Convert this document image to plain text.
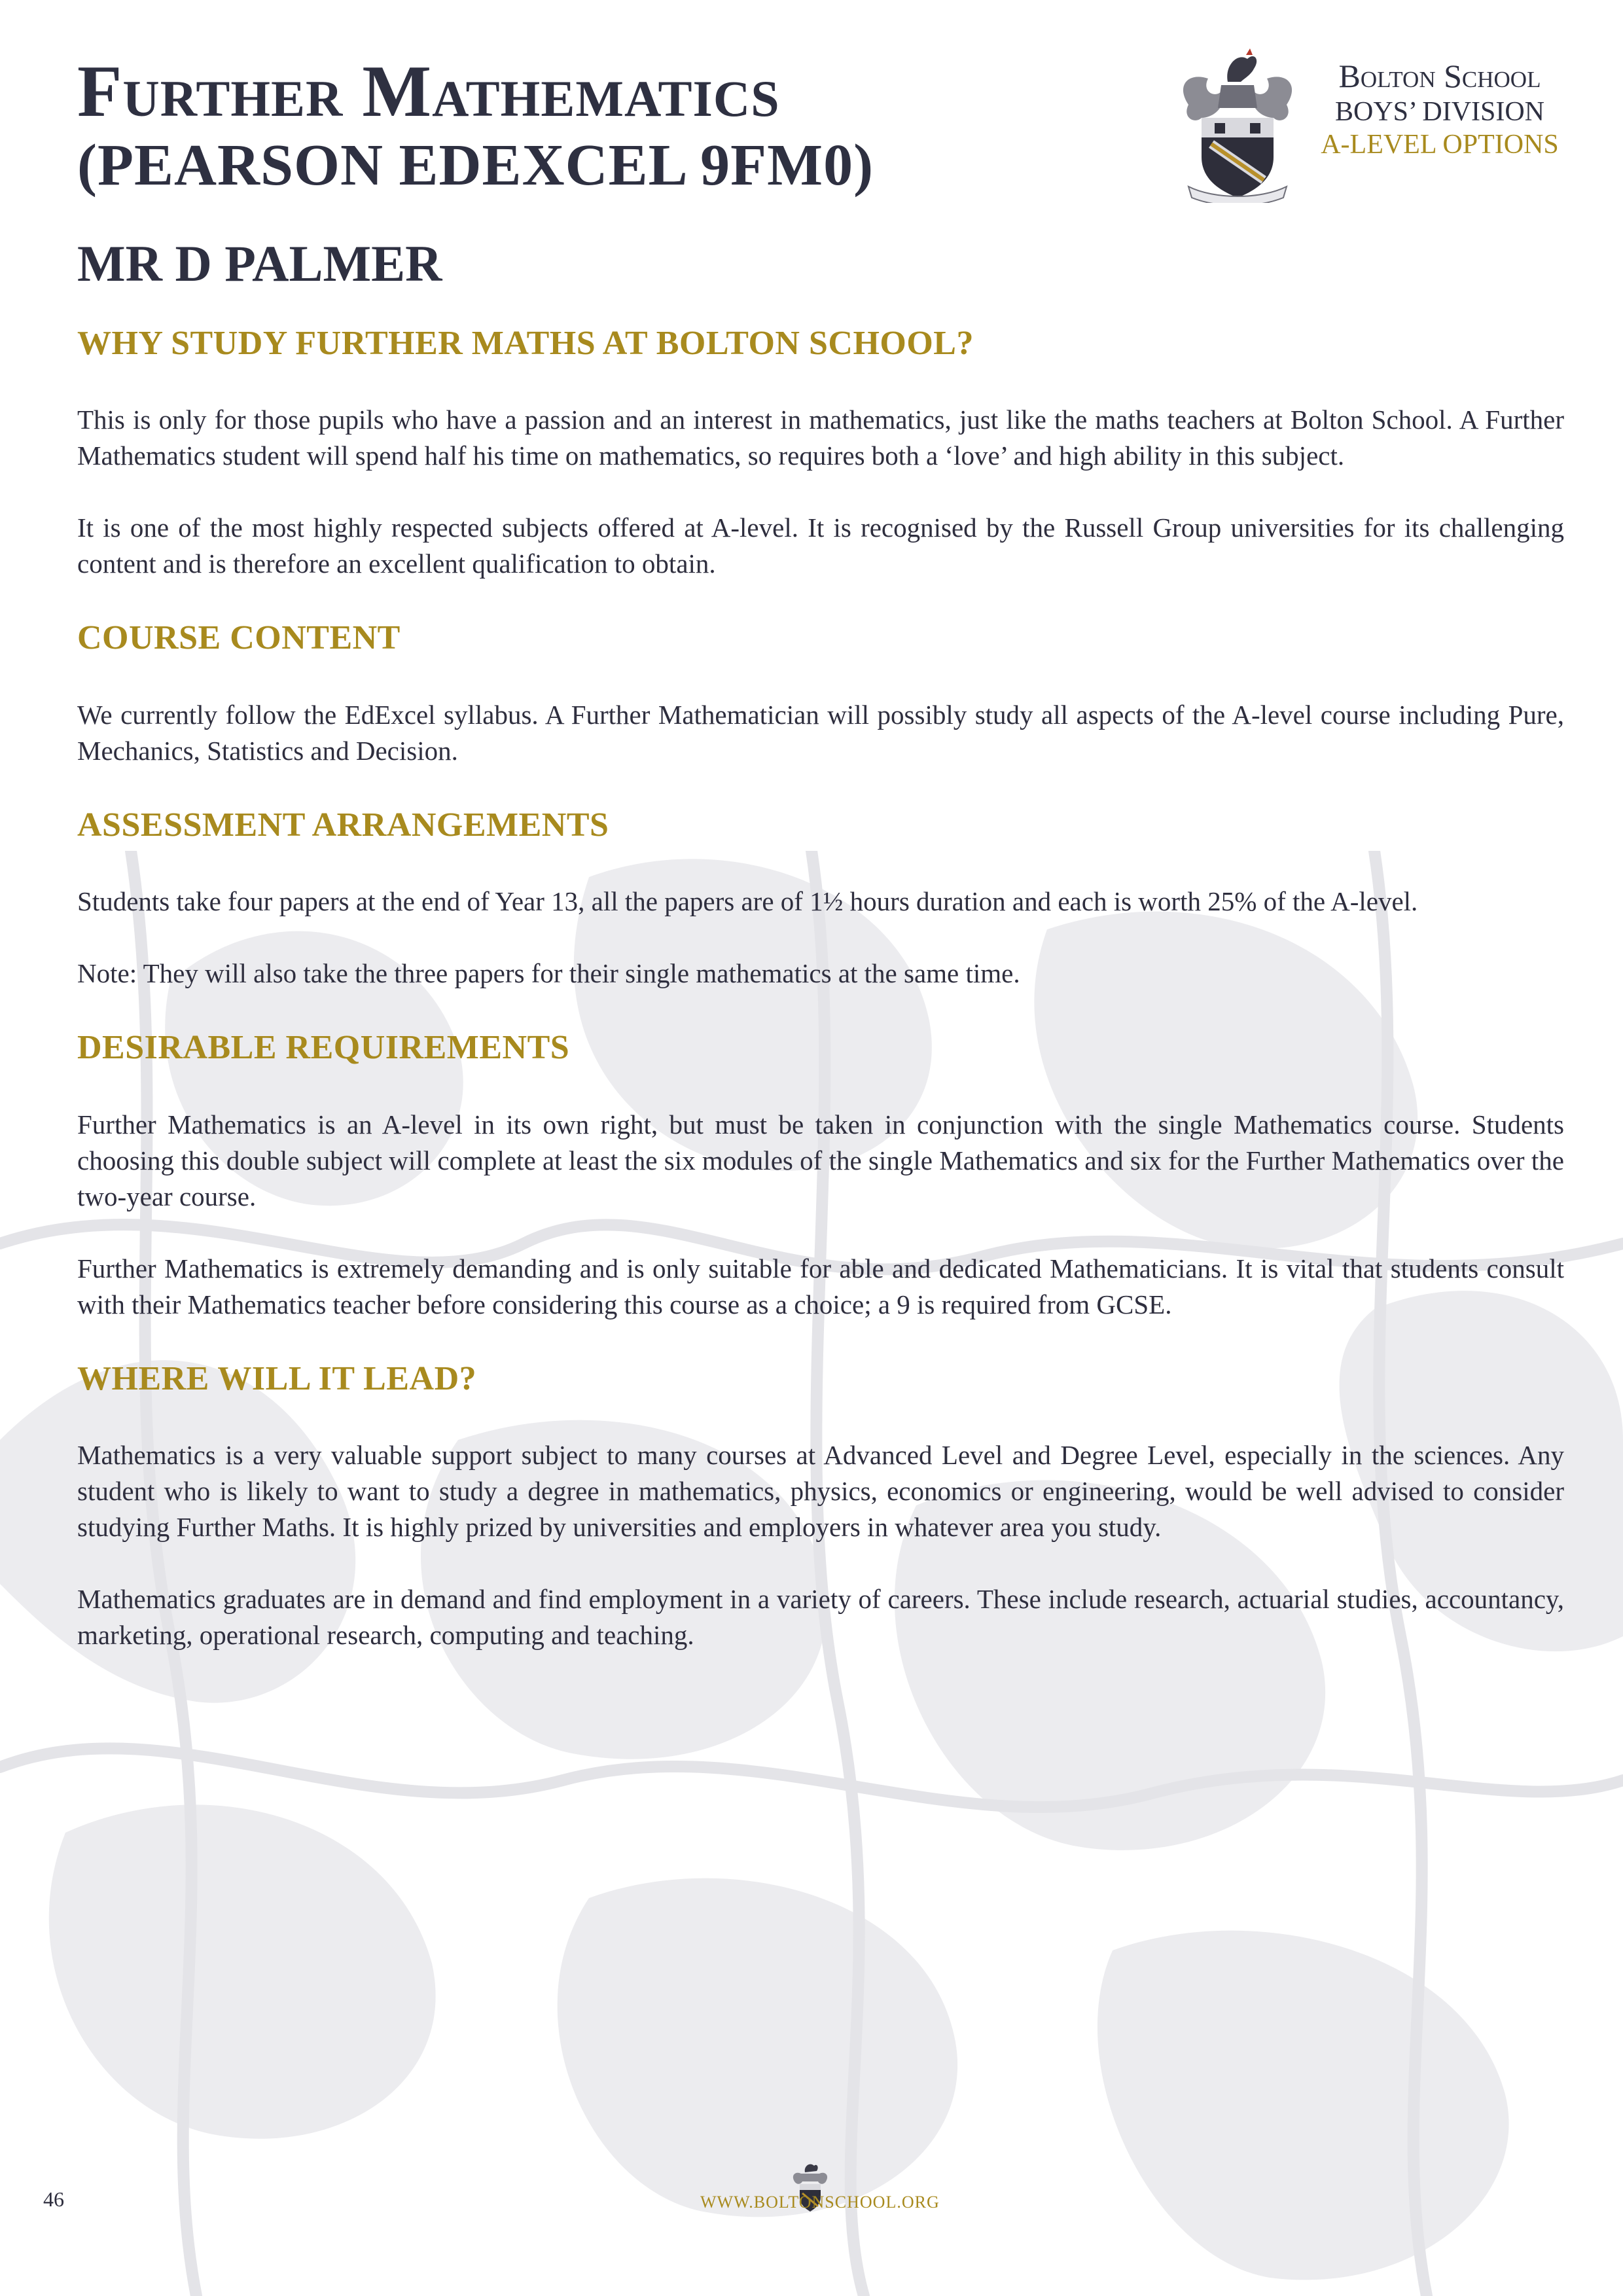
Further Mathematics
(PEARSON EDEXCEL 9FM0)
MR D PALMER
Bolton School
BOYS’ DIVISION
A-LEVEL OPTIONS
WHY STUDY FURTHER MATHS AT BOLTON SCHOOL?

This is only for those pupils who have a passion and an interest in mathematics, just like the maths teachers at Bolton School. A Further Mathematics student will spend half his time on mathematics, so requires both a ‘love’ and high ability in this subject.

It is one of the most highly respected subjects offered at A-level. It is recognised by the Russell Group universities for its challenging content and is therefore an excellent qualification to obtain.

COURSE CONTENT

We currently follow the EdExcel syllabus. A Further Mathematician will possibly study all aspects of the A-level course including Pure, Mechanics, Statistics and Decision.

ASSESSMENT ARRANGEMENTS

Students take four papers at the end of Year 13, all the papers are of 1½ hours duration and each is worth 25% of the A-level.

Note: They will also take the three papers for their single mathematics at the same time.

DESIRABLE REQUIREMENTS

Further Mathematics is an A-level in its own right, but must be taken in conjunction with the single Mathematics course. Students choosing this double subject will complete at least the six modules of the single Mathematics and six for the Further Mathematics over the two-year course.

Further Mathematics is extremely demanding and is only suitable for able and dedicated Mathematicians. It is vital that students consult with their Mathematics teacher before considering this course as a choice; a 9 is required from GCSE.

WHERE WILL IT LEAD?

Mathematics is a very valuable support subject to many courses at Advanced Level and Degree Level, especially in the sciences. Any student who is likely to want to study a degree in mathematics, physics, economics or engineering, would be well advised to consider studying Further Maths. It is highly prized by universities and employers in whatever area you study.

Mathematics graduates are in demand and find employment in a variety of careers. These include research, actuarial studies, accountancy, marketing, operational research, computing and teaching.

46	WWW.BOLTONSCHOOL.ORG
